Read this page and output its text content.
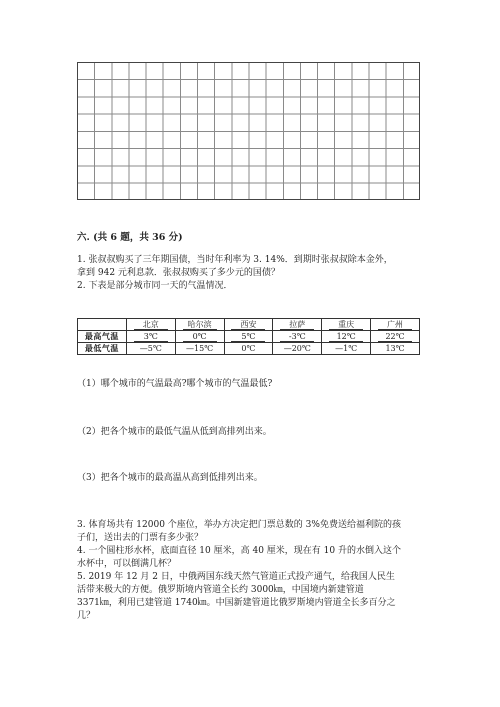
六. (共 6 题，共 36 分)

1. 张叔叔购买了三年期国债，当时年利率为 3. 14%．到期时张叔叔除本金外，

拿到 942 元利息款．张叔叔购买了多少元的国债？

2. 下表是部分城市同一天的气温情况．

	北京	哈尔滨	西安	拉萨	重庆	广州
最高气温	3℃	0℃	5℃	-3℃	12℃	22℃
最低气温	—5℃	—15℃	0℃	—20℃	—1℃	13℃

（1）哪个城市的气温最高?哪个城市的气温最低?

（2）把各个城市的最低气温从低到高排列出来。

（3）把各个城市的最高温从高到低排列出来。

3. 体育场共有 12000 个座位，举办方决定把门票总数的 3%免费送给福利院的孩

子们，送出去的门票有多少张？

4. 一个圆柱形水杯，底面直径 10 厘米，高 40 厘米，现在有 10 升的水倒入这个

水杯中，可以倒满几杯？

5. 2019 年 12 月 2 日，中俄两国东线天然气管道正式投产通气，给我国人民生

活带来极大的方便。俄罗斯境内管道全长约 3000㎞，中国境内新建管道

3371㎞，利用已建管道 1740㎞。中国新建管道比俄罗斯境内管道全长多百分之

几？
